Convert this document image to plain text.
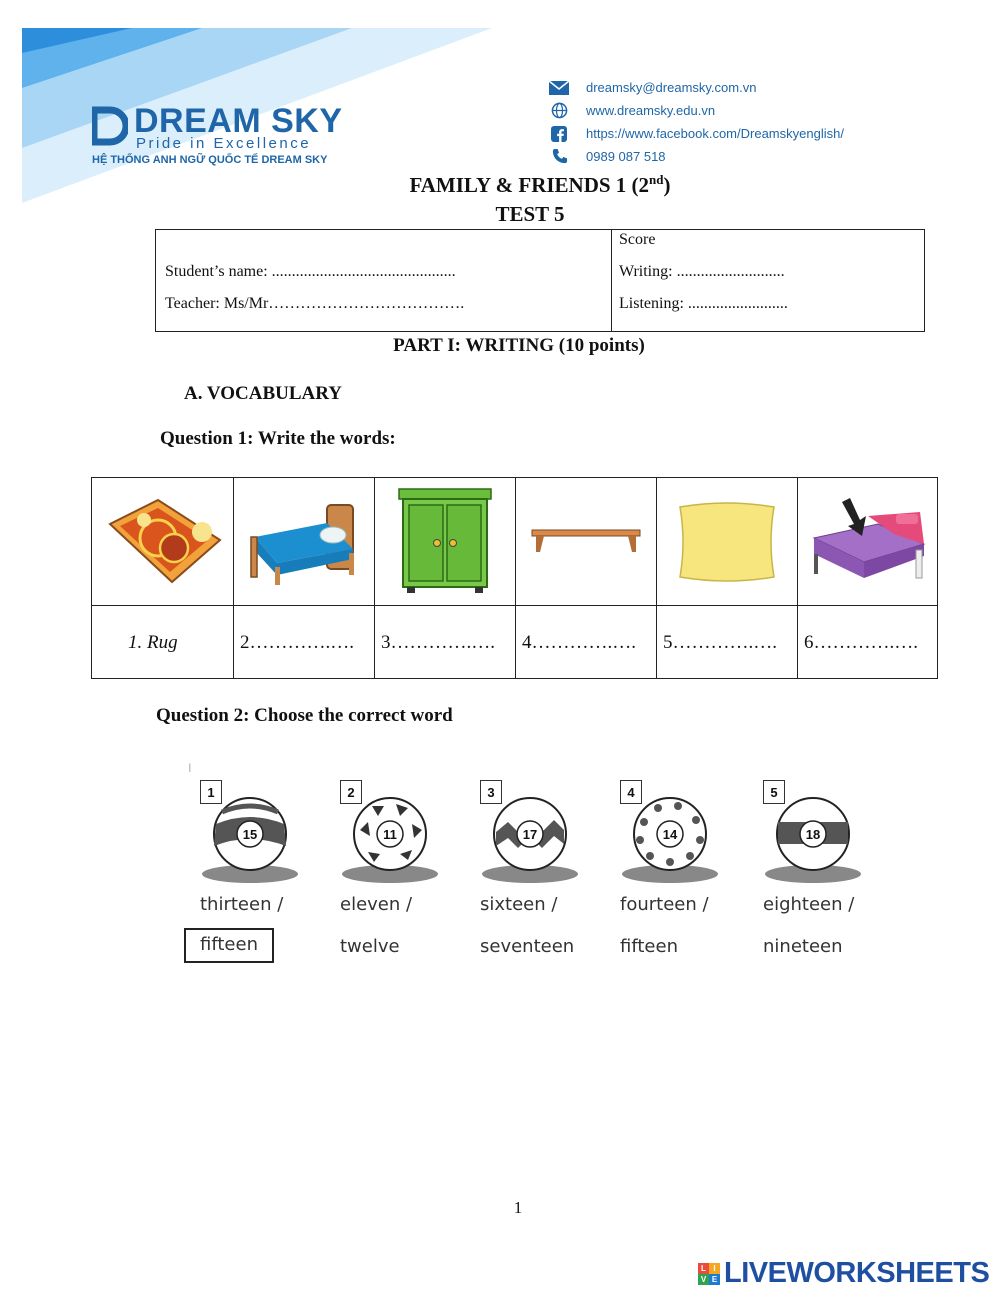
DREAM SKY
Pride in Excellence
HỆ THỐNG ANH NGỮ QUỐC TẾ DREAM SKY
dreamsky@dreamsky.com.vn
www.dreamsky.edu.vn
https://www.facebook.com/Dreamskyenglish/
0989 087 518
FAMILY & FRIENDS 1 (2nd)
TEST 5
Student’s name: ..............................................
Teacher: Ms/Mr……………………………….
Score
Writing: ...........................
Listening: .........................
PART I: WRITING (10 points)
A. VOCABULARY
Question 1: Write the words:
1. Rug	2………….…. 3………….…. 4………….…. 5………….…. 6………….….
Question 2: Choose the correct word
|
1
15
thirteen /
fifteen
2
11
eleven /
twelve
3
17
sixteen /
seventeen
4
14
fourteen /
fifteen
5
18
eighteen /
nineteen
1
L I
V E LIVEWORKSHEETS
